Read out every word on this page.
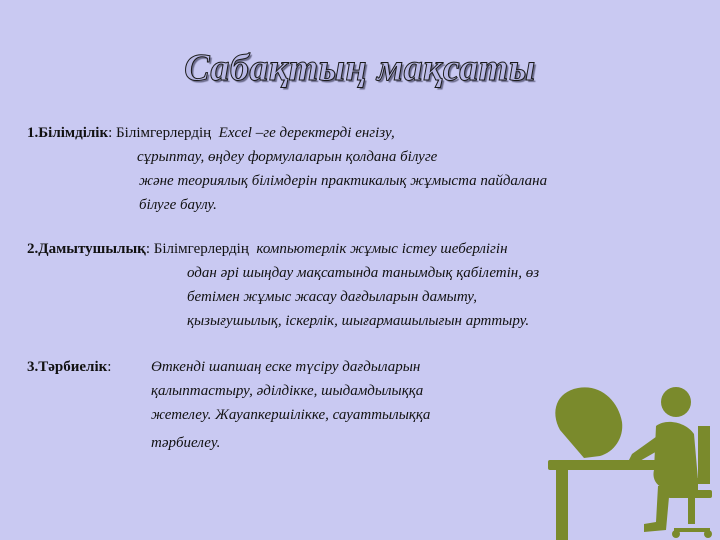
Сабақтың мақсаты
1.Білімділік: Білімгерлердің Excel –ге деректерді енгізу,
сұрыптау, өңдеу формулаларын қолдана білуге
және теориялық білімдерін практикалық жұмыста пайдалана
білуге баулу.
2.Дамытушылық: Білімгерлердің компьютерлік жұмыс істеу шеберлігін
одан әрі шыңдау мақсатында танымдық қабілетін, өз
бетімен жұмыс жасау дағдыларын дамыту,
қызығушылық, іскерлік, шығармашылығын арттыру.
3.Тәрбиелік:	Өткенді шапшаң еске түсіру дағдыларын
қалыптастыру, әділдікке, шыдамдылыққа
жетелеу. Жауапкершілікке, сауаттылыққа
тәрбиелеу.
